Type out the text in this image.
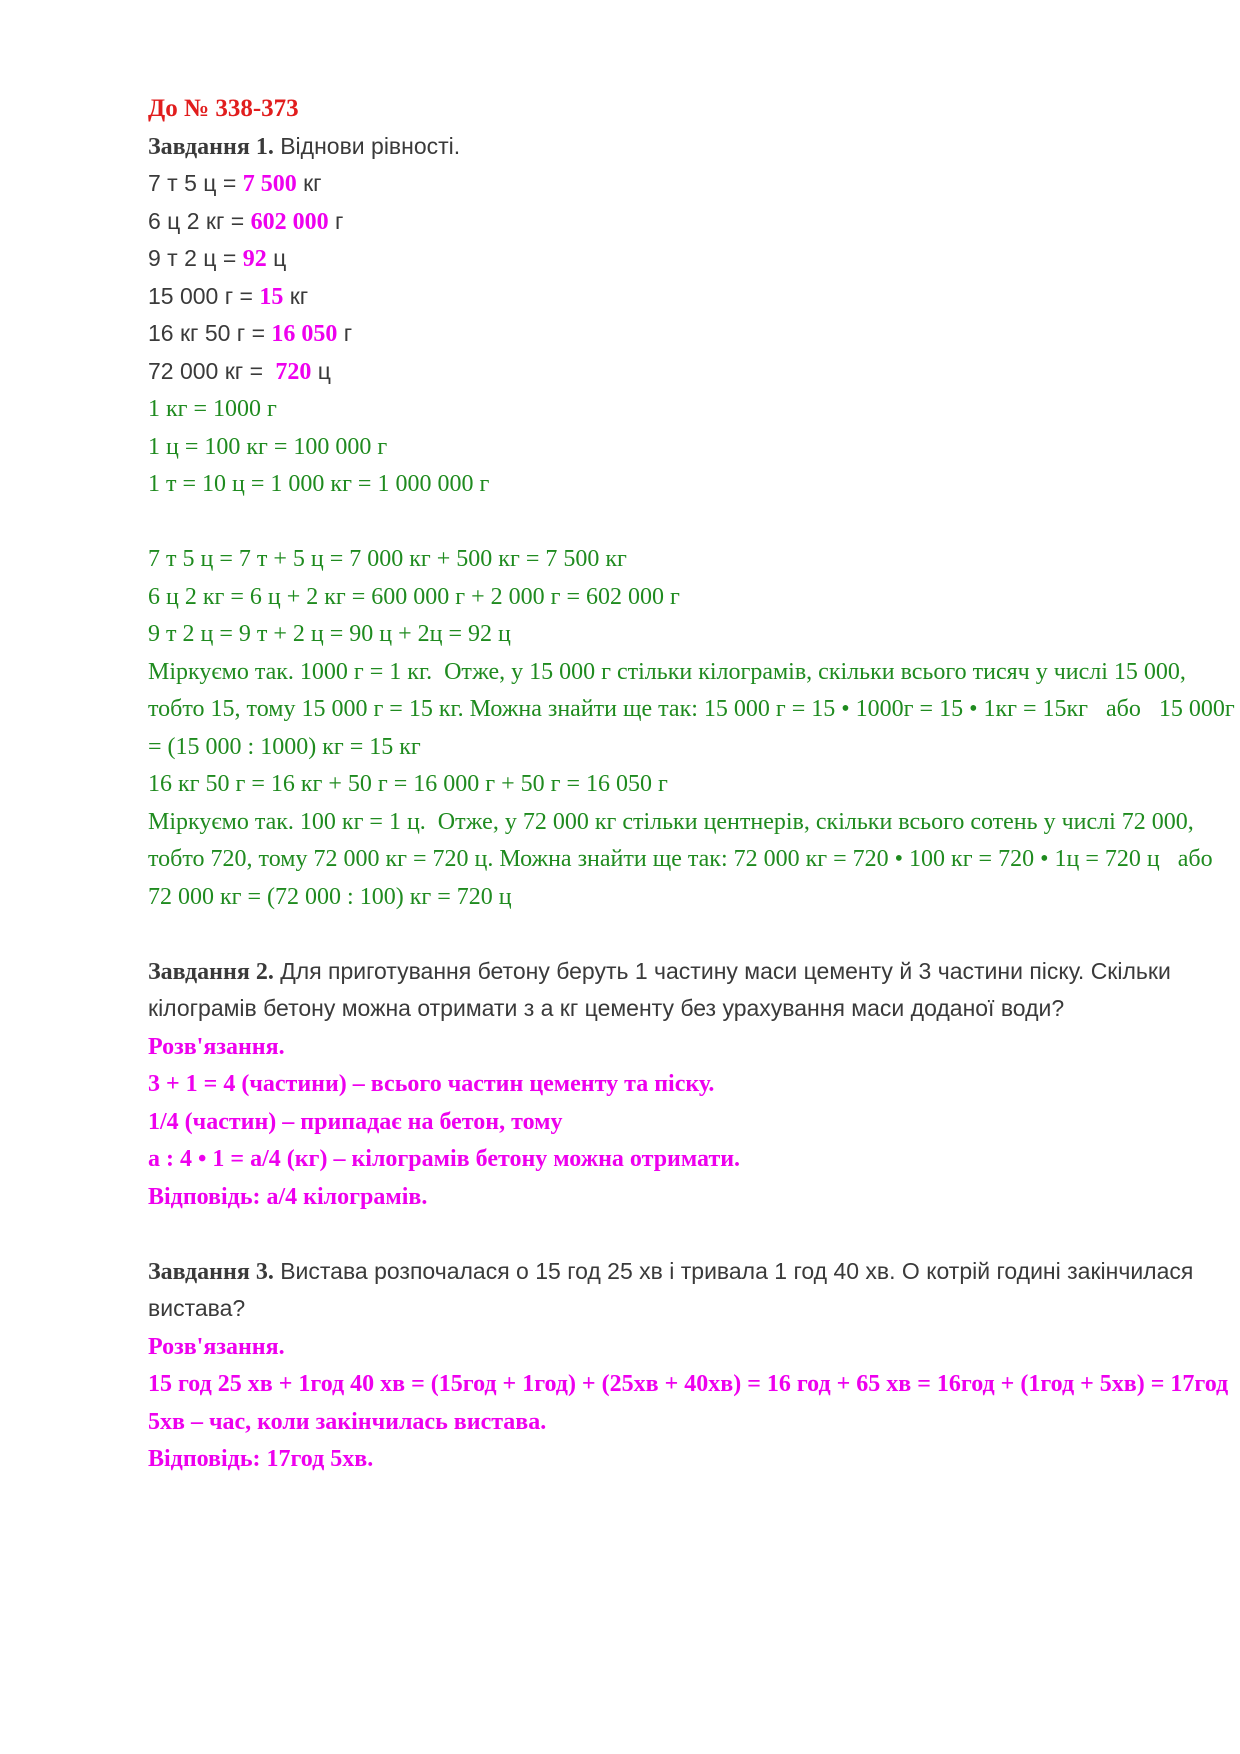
До № 338-373
Завдання 1. Віднови рівності.
7 т 5 ц = 7 500 кг
6 ц 2 кг = 602 000 г
9 т 2 ц = 92 ц
15 000 г = 15 кг
16 кг 50 г = 16 050 г
72 000 кг =  720 ц
1 кг = 1000 г
1 ц = 100 кг = 100 000 г
1 т = 10 ц = 1 000 кг = 1 000 000 г
7 т 5 ц = 7 т + 5 ц = 7 000 кг + 500 кг = 7 500 кг
6 ц 2 кг = 6 ц + 2 кг = 600 000 г + 2 000 г = 602 000 г
9 т 2 ц = 9 т + 2 ц = 90 ц + 2ц = 92 ц
Міркуємо так. 1000 г = 1 кг.  Отже, у 15 000 г стільки кілограмів, скільки всього тисяч у числі 15 000,
тобто 15, тому 15 000 г = 15 кг. Можна знайти ще так: 15 000 г = 15 • 1000г = 15 • 1кг = 15кг   або   15 000г
= (15 000 : 1000) кг = 15 кг
16 кг 50 г = 16 кг + 50 г = 16 000 г + 50 г = 16 050 г
Міркуємо так. 100 кг = 1 ц.  Отже, у 72 000 кг стільки центнерів, скільки всього сотень у числі 72 000,
тобто 720, тому 72 000 кг = 720 ц. Можна знайти ще так: 72 000 кг = 720 • 100 кг = 720 • 1ц = 720 ц   або
72 000 кг = (72 000 : 100) кг = 720 ц
Завдання 2. Для приготування бетону беруть 1 частину маси цементу й 3 частини піску. Скільки
кілограмів бетону можна отримати з а кг цементу без урахування маси доданої води?
Розв'язання.
3 + 1 = 4 (частини) – всього частин цементу та піску.
1/4 (частин) – припадає на бетон, тому
а : 4 • 1 = а/4 (кг) – кілограмів бетону можна отримати.
Відповідь: а/4 кілограмів.
Завдання 3. Вистава розпочалася о 15 год 25 хв і тривала 1 год 40 хв. О котрій годині закінчилася
вистава?
Розв'язання.
15 год 25 хв + 1год 40 хв = (15год + 1год) + (25хв + 40хв) = 16 год + 65 хв = 16год + (1год + 5хв) = 17год
5хв – час, коли закінчилась вистава.
Відповідь: 17год 5хв.
